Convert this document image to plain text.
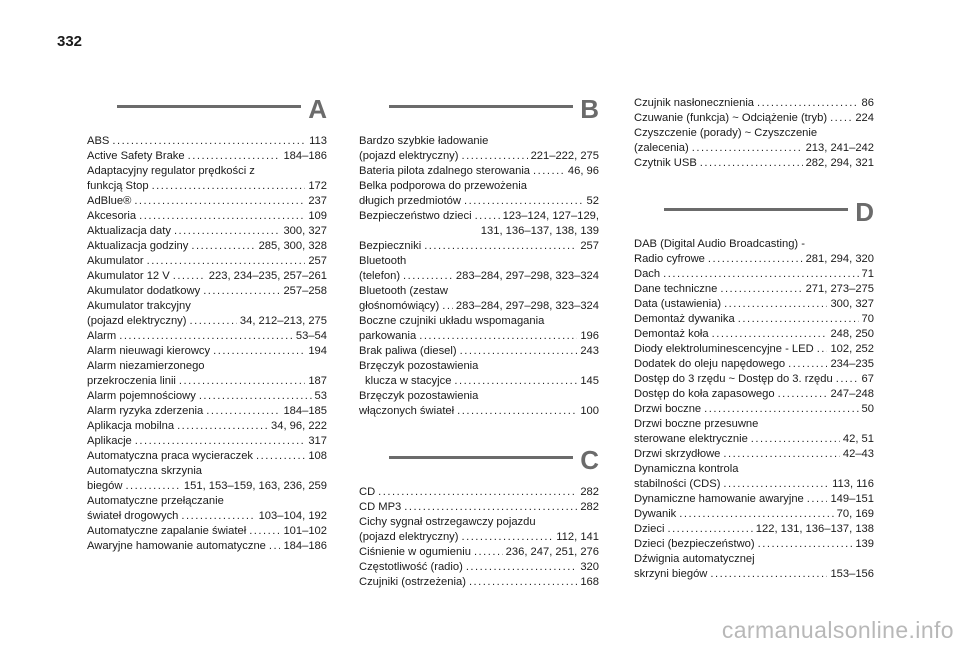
332
A
ABS .....	113
Active Safety Brake .....	184–186
Adaptacyjny regulator prędkości z
funkcją Stop .....	172
AdBlue® .....	237
Akcesoria .....	109
Aktualizacja daty .....	300, 327
Aktualizacja godziny .....	285, 300, 328
Akumulator .....	257
Akumulator 12 V .....	223, 234–235, 257–261
Akumulator dodatkowy .....	257–258
Akumulator trakcyjny
(pojazd elektryczny) .....	34, 212–213, 275
Alarm .....	53–54
Alarm nieuwagi kierowcy .....	194
Alarm niezamierzonego
przekroczenia linii .....	187
Alarm pojemnościowy .....	53
Alarm ryzyka zderzenia .....	184–185
Aplikacja mobilna .....	34, 96, 222
Aplikacje .....	317
Automatyczna praca wycieraczek .....	108
Automatyczna skrzynia
biegów .....	151, 153–159, 163, 236, 259
Automatyczne przełączanie
świateł drogowych .....	103–104, 192
Automatyczne zapalanie świateł .....	101–102
Awaryjne hamowanie automatyczne ..... 184–186
B
Bardzo szybkie ładowanie
(pojazd elektryczny) .....	221–222, 275
Bateria pilota zdalnego sterowania .....	46, 96
Belka podporowa do przewożenia
długich przedmiotów .....	52
Bezpieczeństwo dzieci .....	123–124, 127–129,
131, 136–137, 138, 139
Bezpieczniki .....	257
Bluetooth
(telefon) .....	283–284, 297–298, 323–324
Bluetooth (zestaw
głośnomówiący) ..... 283–284, 297–298, 323–324
Boczne czujniki układu wspomagania
parkowania .....	196
Brak paliwa (diesel) .....	243
Brzęczyk pozostawienia
kluczа w stacyjce .....	145
Brzęczyk pozostawienia
włączonych świateł .....	100
C
CD .....	282
CD MP3 .....	282
Cichy sygnał ostrzegawczy pojazdu
(pojazd elektryczny) .....	112, 141
Ciśnienie w ogumieniu .....	236, 247, 251, 276
Częstotliwość (radio) .....	320
Czujniki (ostrzeżenia) .....	168
Czujnik nasłonecznienia .....	86
Czuwanie (funkcja) ~ Odciążenie (tryb) .....	224
Czyszczenie (porady) ~ Czyszczenie
(zalecenia) .....	213, 241–242
Czytnik USB .....	282, 294, 321
D
DAB (Digital Audio Broadcasting) -
Radio cyfrowe .....	281, 294, 320
Dach .....	71
Dane techniczne .....	271, 273–275
Data (ustawienia) .....	300, 327
Demontaż dywanika .....	70
Demontaż koła .....	248, 250
Diody elektroluminescencyjne - LED ..... 102, 252
Dodatek do oleju napędowego .....	234–235
Dostęp do 3 rzędu ~ Dostęp do 3. rzędu .....	67
Dostęp do koła zapasowego .....	247–248
Drzwi boczne .....	50
Drzwi boczne przesuwne
sterowane elektrycznie .....	42, 51
Drzwi skrzydłowe .....	42–43
Dynamiczna kontrola
stabilności (CDS) .....	113, 116
Dynamiczne hamowanie awaryjne ..... 149–151
Dywanik .....	70, 169
Dzieci .....	122, 131, 136–137, 138
Dzieci (bezpieczeństwo) .....	139
Dźwignia automatycznej
skrzyni biegów .....	153–156
carmanualsonline.info
